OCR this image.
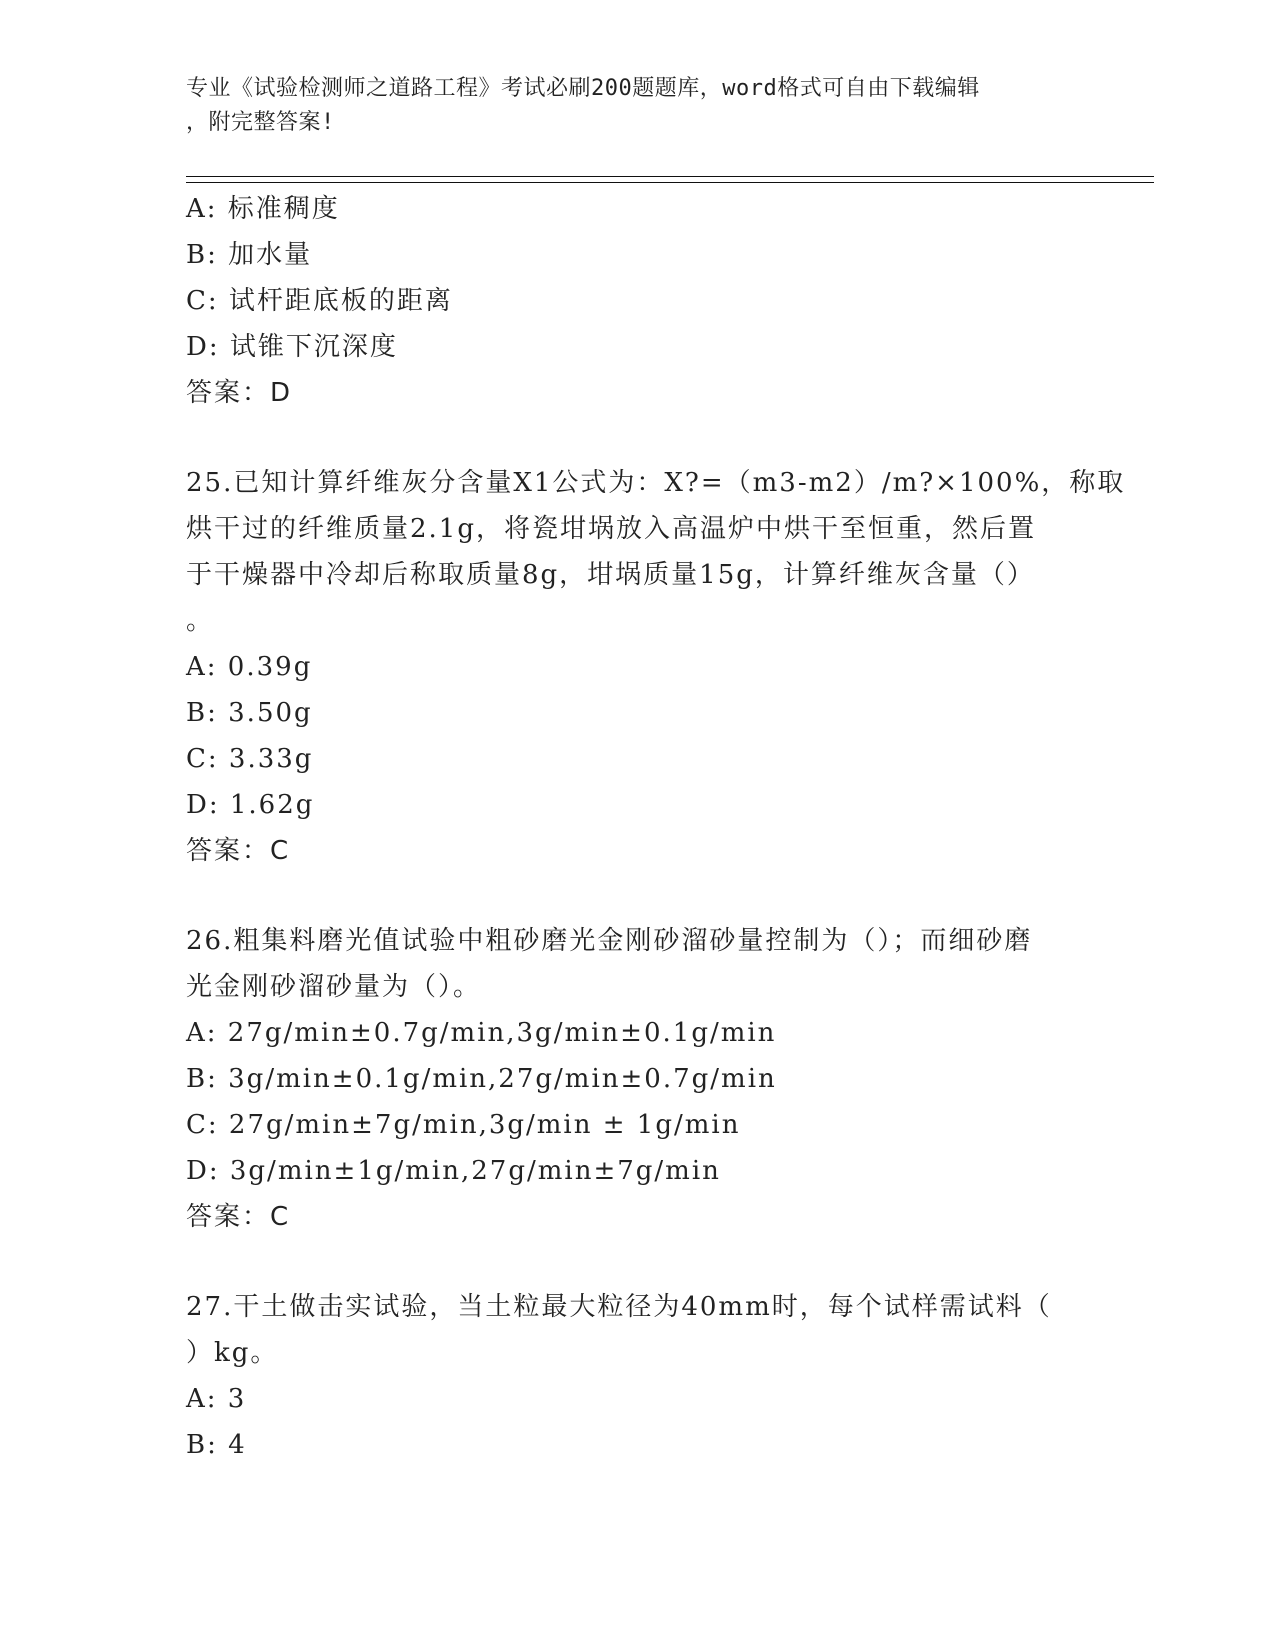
专业《试验检测师之道路工程》考试必刷200题题库，word格式可自由下载编辑
，附完整答案!
A: 标准稠度
B: 加水量
C: 试杆距底板的距离
D: 试锥下沉深度
答案：D
25.已知计算纤维灰分含量X1公式为：X?=（m3-m2）/m?×100%，称取
烘干过的纤维质量2.1g，将瓷坩埚放入高温炉中烘干至恒重，然后置
于干燥器中冷却后称取质量8g，坩埚质量15g，计算纤维灰含量（）
。
A: 0.39g
B: 3.50g
C: 3.33g
D: 1.62g
答案：C
26.粗集料磨光值试验中粗砂磨光金刚砂溜砂量控制为（）；而细砂磨
光金刚砂溜砂量为（）。
A: 27g/min±0.7g/min,3g/min±0.1g/min
B: 3g/min±0.1g/min,27g/min±0.7g/min
C: 27g/min±7g/min,3g/min ± 1g/min
D: 3g/min±1g/min,27g/min±7g/min
答案：C
27.干土做击实试验，当土粒最大粒径为40mm时，每个试样需试料（
）kg。
A: 3
B: 4
